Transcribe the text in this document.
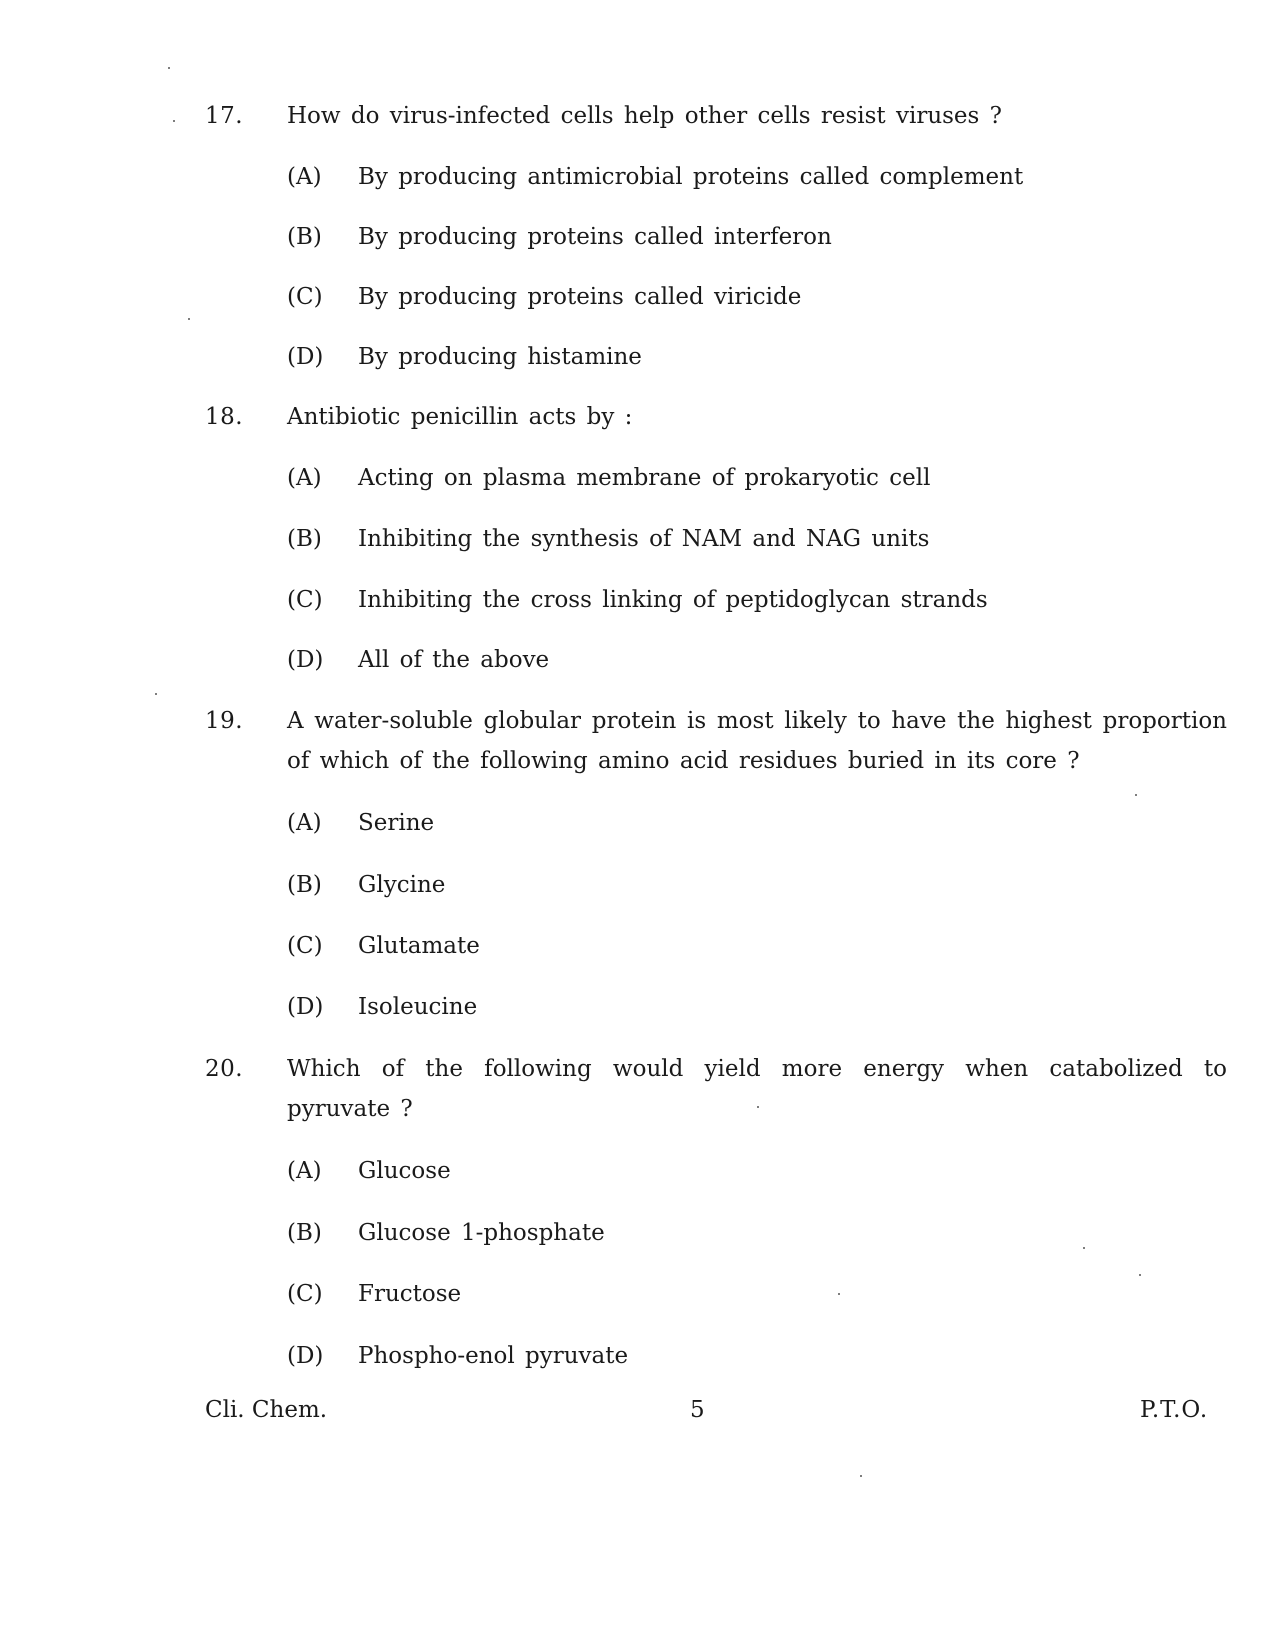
17. How do virus-infected cells help other cells resist viruses ?
(A) By producing antimicrobial proteins called complement
(B) By producing proteins called interferon
(C) By producing proteins called viricide
(D) By producing histamine
18. Antibiotic penicillin acts by :
(A) Acting on plasma membrane of prokaryotic cell
(B) Inhibiting the synthesis of NAM and NAG units
(C) Inhibiting the cross linking of peptidoglycan strands
(D) All of the above
19. A water-soluble globular protein is most likely to have the highest proportion of which of the following amino acid residues buried in its core ?
(A) Serine
(B) Glycine
(C) Glutamate
(D) Isoleucine
20. Which of the following would yield more energy when catabolized to pyruvate ?
(A) Glucose
(B) Glucose 1-phosphate
(C) Fructose
(D) Phospho-enol pyruvate
Cli. Chem.	5	P.T.O.
